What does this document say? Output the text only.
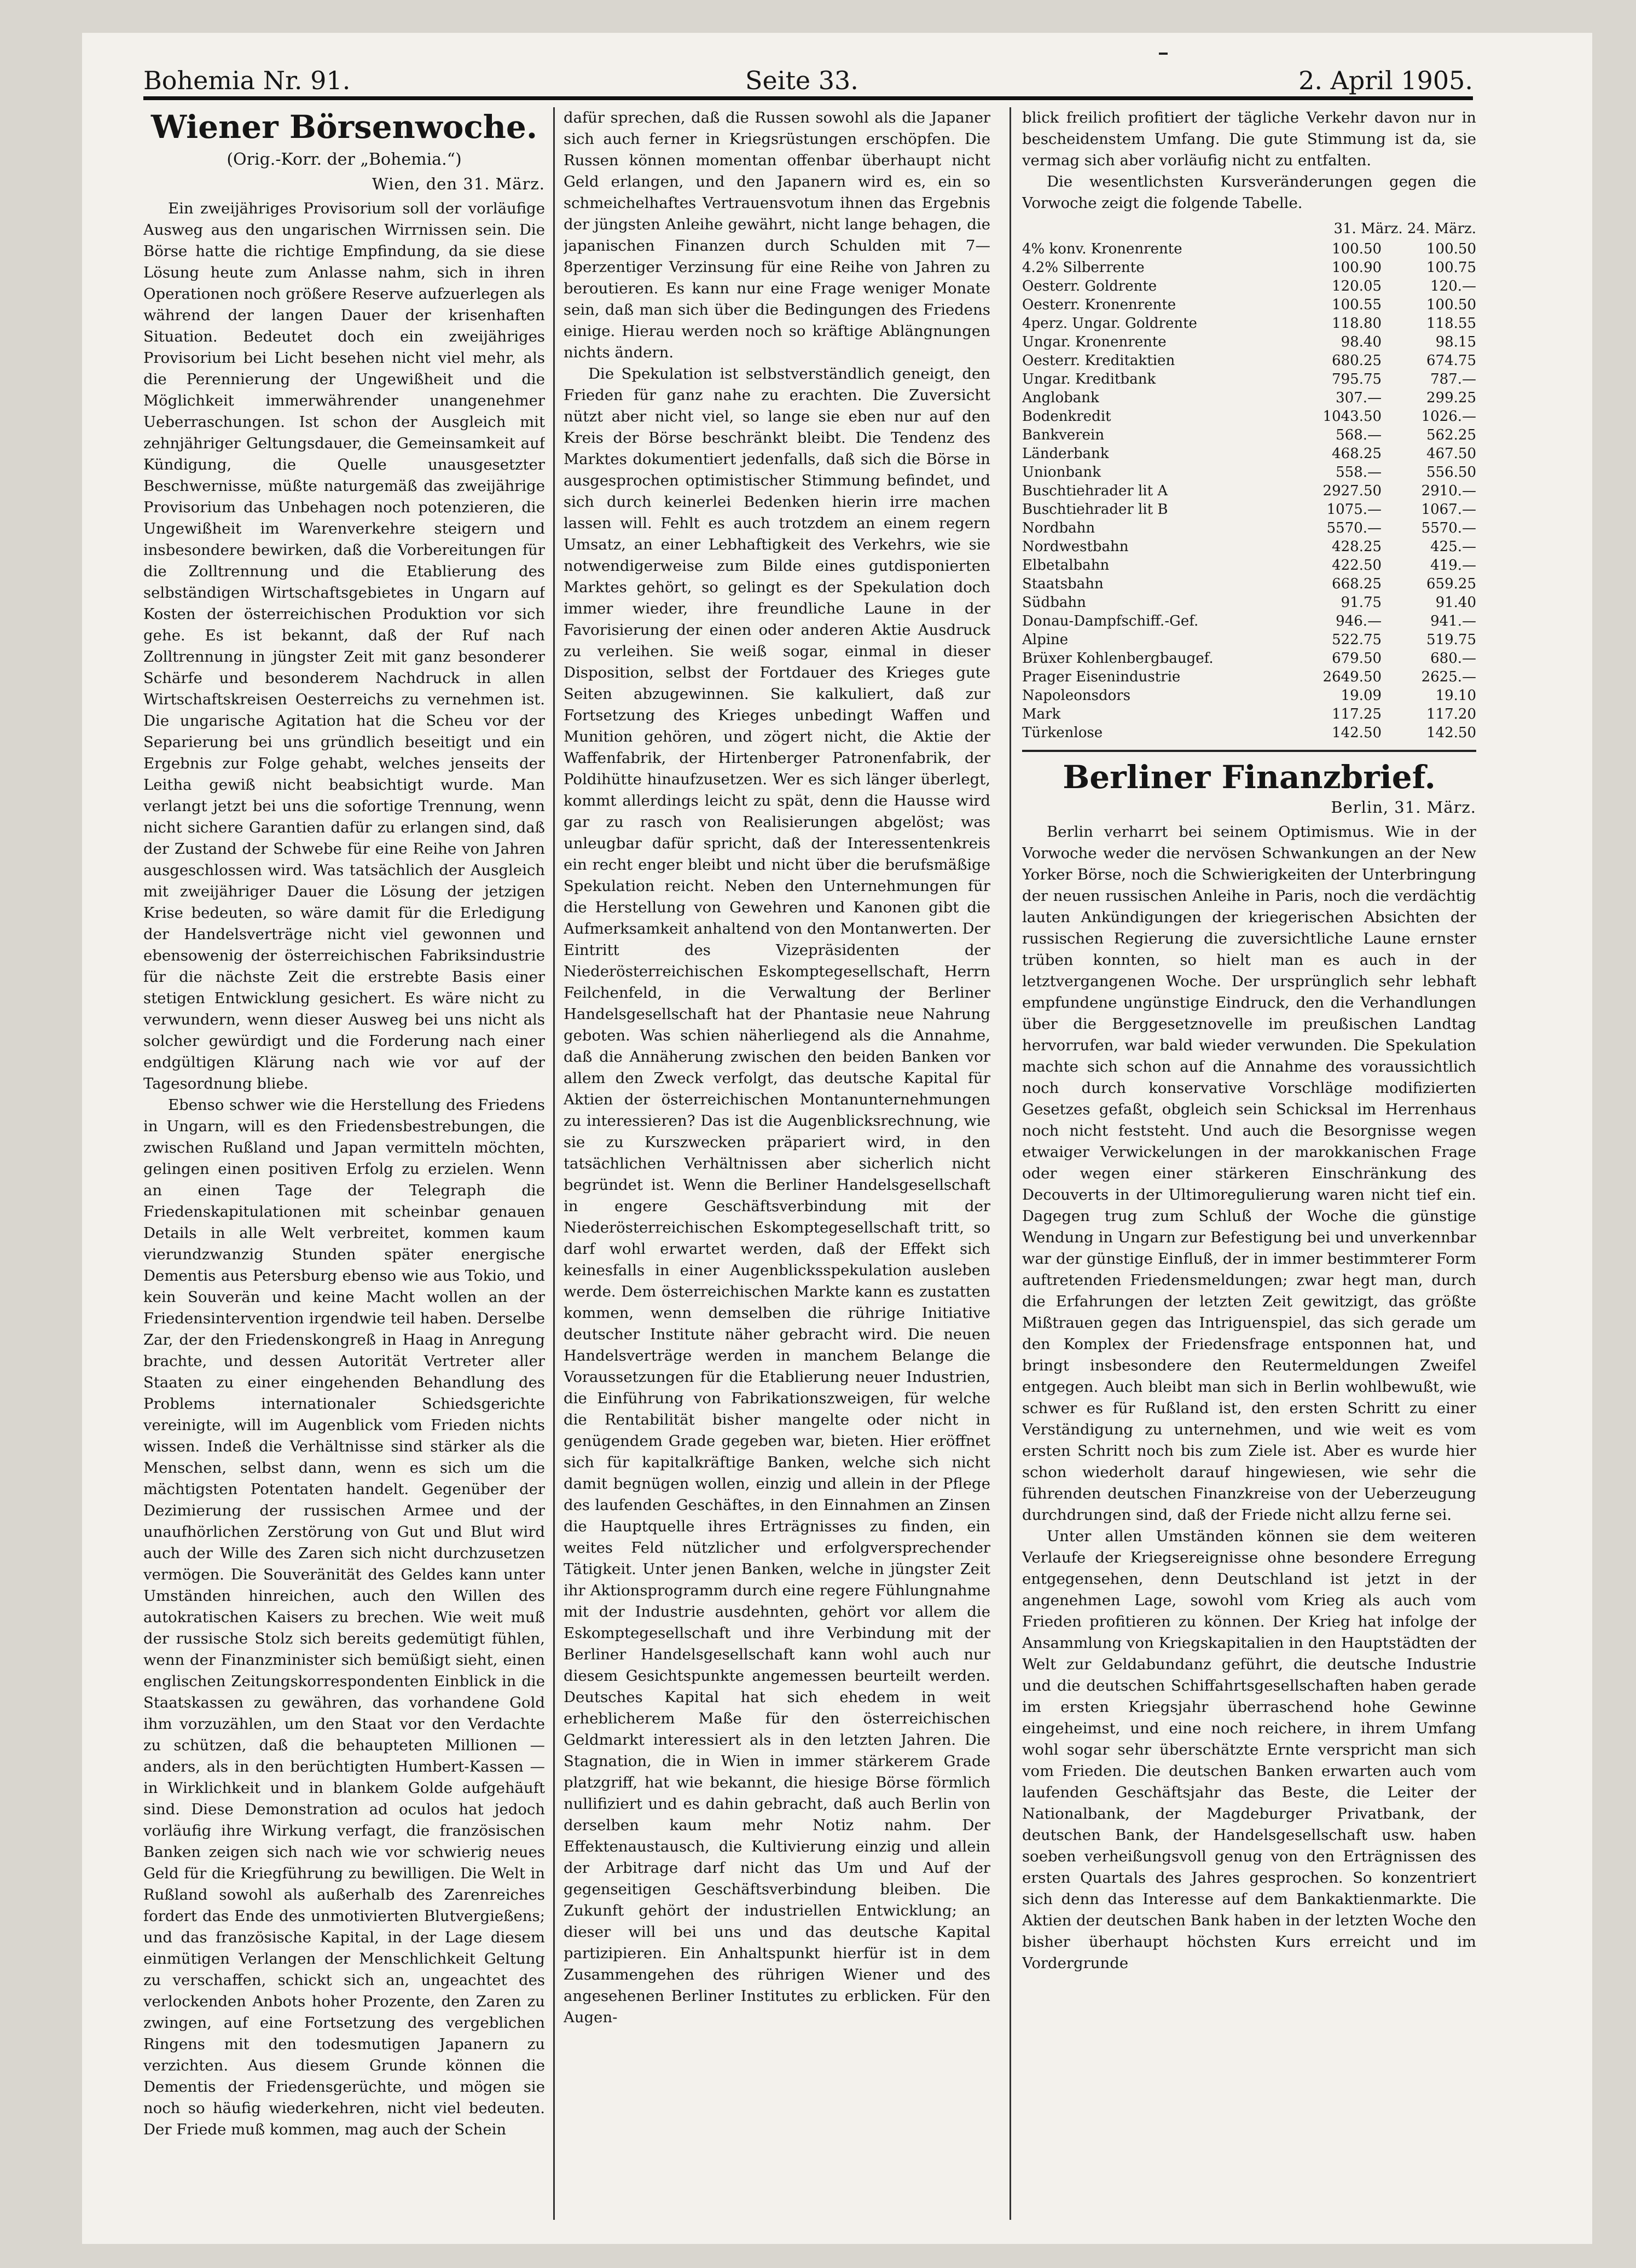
Bohemia Nr. 91.	Seite 33.	2. April 1905.
Wiener Börsenwoche.
(Orig.-Korr. der „Bohemia.“)
Wien, den 31. März.

Ein zweijähriges Provisorium soll der vorläufige Ausweg aus den ungarischen Wirrnissen sein. Die Börse hatte die richtige Empfindung, da sie diese Lösung heute zum Anlasse nahm, sich in ihren Operationen noch größere Reserve aufzuerlegen als während der langen Dauer der krisenhaften Situation. Bedeutet doch ein zweijähriges Provisorium bei Licht besehen nicht viel mehr, als die Perennierung der Ungewißheit und die Möglichkeit immerwährender unangenehmer Ueberraschungen. Ist schon der Ausgleich mit zehnjähriger Geltungsdauer, die Gemeinsamkeit auf Kündigung, die Quelle unausgesetzter Beschwernisse, müßte naturgemäß das zweijährige Provisorium das Unbehagen noch potenzieren, die Ungewißheit im Warenverkehre steigern und insbesondere bewirken, daß die Vorbereitungen für die Zolltrennung und die Etablierung des selbständigen Wirtschaftsgebietes in Ungarn auf Kosten der österreichischen Produktion vor sich gehe. Es ist bekannt, daß der Ruf nach Zolltrennung in jüngster Zeit mit ganz besonderer Schärfe und besonderem Nachdruck in allen Wirtschaftskreisen Oesterreichs zu vernehmen ist. Die ungarische Agitation hat die Scheu vor der Separierung bei uns gründlich beseitigt und ein Ergebnis zur Folge gehabt, welches jenseits der Leitha gewiß nicht beabsichtigt wurde. Man verlangt jetzt bei uns die sofortige Trennung, wenn nicht sichere Garantien dafür zu erlangen sind, daß der Zustand der Schwebe für eine Reihe von Jahren ausgeschlossen wird. Was tatsächlich der Ausgleich mit zweijähriger Dauer die Lösung der jetzigen Krise bedeuten, so wäre damit für die Erledigung der Handelsverträge nicht viel gewonnen und ebensowenig der österreichischen Fabriksindustrie für die nächste Zeit die erstrebte Basis einer stetigen Entwicklung gesichert. Es wäre nicht zu verwundern, wenn dieser Ausweg bei uns nicht als solcher gewürdigt und die Forderung nach einer endgültigen Klärung nach wie vor auf der Tagesordnung bliebe.

Ebenso schwer wie die Herstellung des Friedens in Ungarn, will es den Friedensbestrebungen, die zwischen Rußland und Japan vermitteln möchten, gelingen einen positiven Erfolg zu erzielen. Wenn an einen Tage der Telegraph die Friedenskapitulationen mit scheinbar genauen Details in alle Welt verbreitet, kommen kaum vierundzwanzig Stunden später energische Dementis aus Petersburg ebenso wie aus Tokio, und kein Souverän und keine Macht wollen an der Friedensintervention irgendwie teil haben. Derselbe Zar, der den Friedenskongreß in Haag in Anregung brachte, und dessen Autorität Vertreter aller Staaten zu einer eingehenden Behandlung des Problems internationaler Schiedsgerichte vereinigte, will im Augenblick vom Frieden nichts wissen. Indeß die Verhältnisse sind stärker als die Menschen, selbst dann, wenn es sich um die mächtigsten Potentaten handelt. Gegenüber der Dezimierung der russischen Armee und der unaufhörlichen Zerstörung von Gut und Blut wird auch der Wille des Zaren sich nicht durchzusetzen vermögen. Die Souveränität des Geldes kann unter Umständen hinreichen, auch den Willen des autokratischen Kaisers zu brechen. Wie weit muß der russische Stolz sich bereits gedemütigt fühlen, wenn der Finanzminister sich bemüßigt sieht, einen englischen Zeitungskorrespondenten Einblick in die Staatskassen zu gewähren, das vorhandene Gold ihm vorzuzählen, um den Staat vor den Verdachte zu schützen, daß die behaupteten Millionen — anders, als in den berüchtigten Humbert-Kassen — in Wirklichkeit und in blankem Golde aufgehäuft sind. Diese Demonstration ad oculos hat jedoch vorläufig ihre Wirkung verfagt, die französischen Banken zeigen sich nach wie vor schwierig neues Geld für die Kriegführung zu bewilligen. Die Welt in Rußland sowohl als außerhalb des Zarenreiches fordert das Ende des unmotivierten Blutvergießens; und das französische Kapital, in der Lage diesem einmütigen Verlangen der Menschlichkeit Geltung zu verschaffen, schickt sich an, ungeachtet des verlockenden Anbots hoher Prozente, den Zaren zu zwingen, auf eine Fortsetzung des vergeblichen Ringens mit den todesmutigen Japanern zu verzichten. Aus diesem Grunde können die Dementis der Friedensgerüchte, und mögen sie noch so häufig wiederkehren, nicht viel bedeuten. Der Friede muß kommen, mag auch der Schein

dafür sprechen, daß die Russen sowohl als die Japaner sich auch ferner in Kriegsrüstungen erschöpfen. Die Russen können momentan offenbar überhaupt nicht Geld erlangen, und den Japanern wird es, ein so schmeichelhaftes Vertrauensvotum ihnen das Ergebnis der jüngsten Anleihe gewährt, nicht lange behagen, die japanischen Finanzen durch Schulden mit 7—8perzentiger Verzinsung für eine Reihe von Jahren zu beroutieren. Es kann nur eine Frage weniger Monate sein, daß man sich über die Bedingungen des Friedens einige. Hierau werden noch so kräftige Ablängnungen nichts ändern.

Die Spekulation ist selbstverständlich geneigt, den Frieden für ganz nahe zu erachten. Die Zuversicht nützt aber nicht viel, so lange sie eben nur auf den Kreis der Börse beschränkt bleibt. Die Tendenz des Marktes dokumentiert jedenfalls, daß sich die Börse in ausgesprochen optimistischer Stimmung befindet, und sich durch keinerlei Bedenken hierin irre machen lassen will. Fehlt es auch trotzdem an einem regern Umsatz, an einer Lebhaftigkeit des Verkehrs, wie sie notwendigerweise zum Bilde eines gutdisponierten Marktes gehört, so gelingt es der Spekulation doch immer wieder, ihre freundliche Laune in der Favorisierung der einen oder anderen Aktie Ausdruck zu verleihen. Sie weiß sogar, einmal in dieser Disposition, selbst der Fortdauer des Krieges gute Seiten abzugewinnen. Sie kalkuliert, daß zur Fortsetzung des Krieges unbedingt Waffen und Munition gehören, und zögert nicht, die Aktie der Waffenfabrik, der Hirtenberger Patronenfabrik, der Poldihütte hinaufzusetzen. Wer es sich länger überlegt, kommt allerdings leicht zu spät, denn die Hausse wird gar zu rasch von Realisierungen abgelöst; was unleugbar dafür spricht, daß der Interessentenkreis ein recht enger bleibt und nicht über die berufsmäßige Spekulation reicht. Neben den Unternehmungen für die Herstellung von Gewehren und Kanonen gibt die Aufmerksamkeit anhaltend von den Montanwerten. Der Eintritt des Vizepräsidenten der Niederösterreichischen Eskomptegesellschaft, Herrn Feilchenfeld, in die Verwaltung der Berliner Handelsgesellschaft hat der Phantasie neue Nahrung geboten. Was schien näherliegend als die Annahme, daß die Annäherung zwischen den beiden Banken vor allem den Zweck verfolgt, das deutsche Kapital für Aktien der österreichischen Montanunternehmungen zu interessieren? Das ist die Augenblicksrechnung, wie sie zu Kurszwecken präpariert wird, in den tatsächlichen Verhältnissen aber sicherlich nicht begründet ist. Wenn die Berliner Handelsgesellschaft in engere Geschäftsverbindung mit der Niederösterreichischen Eskomptegesellschaft tritt, so darf wohl erwartet werden, daß der Effekt sich keinesfalls in einer Augenblicksspekulation ausleben werde. Dem österreichischen Markte kann es zustatten kommen, wenn demselben die rührige Initiative deutscher Institute näher gebracht wird. Die neuen Handelsverträge werden in manchem Belange die Voraussetzungen für die Etablierung neuer Industrien, die Einführung von Fabrikationszweigen, für welche die Rentabilität bisher mangelte oder nicht in genügendem Grade gegeben war, bieten. Hier eröffnet sich für kapitalkräftige Banken, welche sich nicht damit begnügen wollen, einzig und allein in der Pflege des laufenden Geschäftes, in den Einnahmen an Zinsen die Hauptquelle ihres Erträgnisses zu finden, ein weites Feld nützlicher und erfolgversprechender Tätigkeit. Unter jenen Banken, welche in jüngster Zeit ihr Aktionsprogramm durch eine regere Fühlungnahme mit der Industrie ausdehnten, gehört vor allem die Eskomptegesellschaft und ihre Verbindung mit der Berliner Handelsgesellschaft kann wohl auch nur diesem Gesichtspunkte angemessen beurteilt werden. Deutsches Kapital hat sich ehedem in weit erheblicherem Maße für den österreichischen Geldmarkt interessiert als in den letzten Jahren. Die Stagnation, die in Wien in immer stärkerem Grade platzgriff, hat wie bekannt, die hiesige Börse förmlich nullifiziert und es dahin gebracht, daß auch Berlin von derselben kaum mehr Notiz nahm. Der Effektenaustausch, die Kultivierung einzig und allein der Arbitrage darf nicht das Um und Auf der gegenseitigen Geschäftsverbindung bleiben. Die Zukunft gehört der industriellen Entwicklung; an dieser will bei uns und das deutsche Kapital partizipieren. Ein Anhaltspunkt hierfür ist in dem Zusammengehen des rührigen Wiener und des angesehenen Berliner Institutes zu erblicken. Für den Augen-

blick freilich profitiert der tägliche Verkehr davon nur in bescheidenstem Umfang. Die gute Stimmung ist da, sie vermag sich aber vorläufig nicht zu entfalten.

Die wesentlichsten Kursveränderungen gegen die Vorwoche zeigt die folgende Tabelle.

31. März. 24. März.
4% konv. Kronenrente	100.50	100.50
4.2% Silberrente	100.90	100.75
Oesterr. Goldrente	120.05	120.—
Oesterr. Kronenrente	100.55	100.50
4perz. Ungar. Goldrente	118.80	118.55
Ungar. Kronenrente	98.40	98.15
Oesterr. Kreditaktien	680.25	674.75
Ungar. Kreditbank	795.75	787.—
Anglobank	307.—	299.25
Bodenkredit	1043.50	1026.—
Bankverein	568.—	562.25
Länderbank	468.25	467.50
Unionbank	558.—	556.50
Buschtiehrader lit A	2927.50	2910.—
Buschtiehrader lit B	1075.—	1067.—
Nordbahn	5570.—	5570.—
Nordwestbahn	428.25	425.—
Elbetalbahn	422.50	419.—
Staatsbahn	668.25	659.25
Südbahn	91.75	91.40
Donau-Dampfschiff.-Gef.	946.—	941.—
Alpine	522.75	519.75
Brüxer Kohlenbergbaugef.	679.50	680.—
Prager Eisenindustrie	2649.50	2625.—
Napoleonsdors	19.09	19.10
Mark	117.25	117.20
Türkenlose	142.50	142.50
Berliner Finanzbrief.
Berlin, 31. März.

Berlin verharrt bei seinem Optimismus. Wie in der Vorwoche weder die nervösen Schwankungen an der New Yorker Börse, noch die Schwierigkeiten der Unterbringung der neuen russischen Anleihe in Paris, noch die verdächtig lauten Ankündigungen der kriegerischen Absichten der russischen Regierung die zuversichtliche Laune ernster trüben konnten, so hielt man es auch in der letztvergangenen Woche. Der ursprünglich sehr lebhaft empfundene ungünstige Eindruck, den die Verhandlungen über die Berggesetznovelle im preußischen Landtag hervorrufen, war bald wieder verwunden. Die Spekulation machte sich schon auf die Annahme des voraussichtlich noch durch konservative Vorschläge modifizierten Gesetzes gefaßt, obgleich sein Schicksal im Herrenhaus noch nicht feststeht. Und auch die Besorgnisse wegen etwaiger Verwickelungen in der marokkanischen Frage oder wegen einer stärkeren Einschränkung des Decouverts in der Ultimoregulierung waren nicht tief ein. Dagegen trug zum Schluß der Woche die günstige Wendung in Ungarn zur Befestigung bei und unverkennbar war der günstige Einfluß, der in immer bestimmterer Form auftretenden Friedensmeldungen; zwar hegt man, durch die Erfahrungen der letzten Zeit gewitzigt, das größte Mißtrauen gegen das Intriguenspiel, das sich gerade um den Komplex der Friedensfrage entsponnen hat, und bringt insbesondere den Reutermeldungen Zweifel entgegen. Auch bleibt man sich in Berlin wohlbewußt, wie schwer es für Rußland ist, den ersten Schritt zu einer Verständigung zu unternehmen, und wie weit es vom ersten Schritt noch bis zum Ziele ist. Aber es wurde hier schon wiederholt darauf hingewiesen, wie sehr die führenden deutschen Finanzkreise von der Ueberzeugung durchdrungen sind, daß der Friede nicht allzu ferne sei.

Unter allen Umständen können sie dem weiteren Verlaufe der Kriegsereignisse ohne besondere Erregung entgegensehen, denn Deutschland ist jetzt in der angenehmen Lage, sowohl vom Krieg als auch vom Frieden profitieren zu können. Der Krieg hat infolge der Ansammlung von Kriegskapitalien in den Hauptstädten der Welt zur Geldabundanz geführt, die deutsche Industrie und die deutschen Schiffahrtsgesellschaften haben gerade im ersten Kriegsjahr überraschend hohe Gewinne eingeheimst, und eine noch reichere, in ihrem Umfang wohl sogar sehr überschätzte Ernte verspricht man sich vom Frieden. Die deutschen Banken erwarten auch vom laufenden Geschäftsjahr das Beste, die Leiter der Nationalbank, der Magdeburger Privatbank, der deutschen Bank, der Handelsgesellschaft usw. haben soeben verheißungsvoll genug von den Erträgnissen des ersten Quartals des Jahres gesprochen. So konzentriert sich denn das Interesse auf dem Bankaktienmarkte. Die Aktien der deutschen Bank haben in der letzten Woche den bisher überhaupt höchsten Kurs erreicht und im Vordergrunde
